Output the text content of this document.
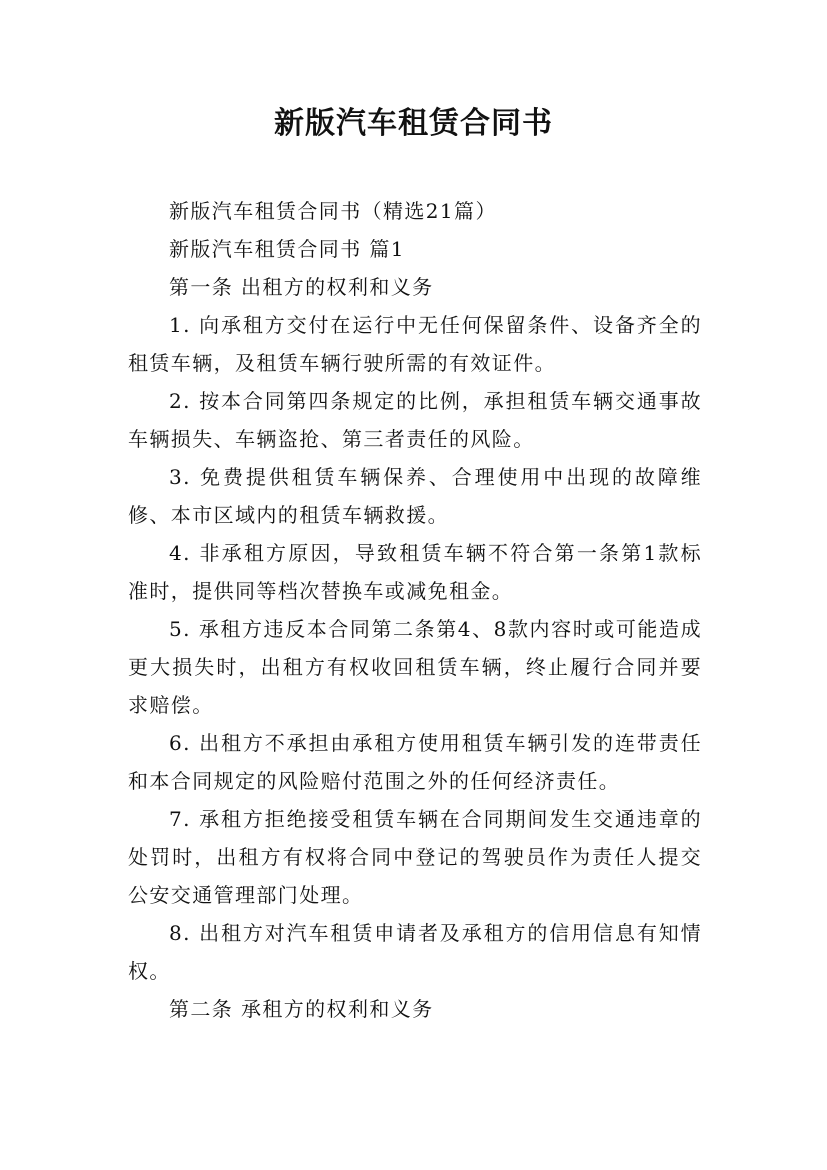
新版汽车租赁合同书

新版汽车租赁合同书（精选21篇）

新版汽车租赁合同书 篇1

第一条 出租方的权利和义务

1. 向承租方交付在运行中无任何保留条件、设备齐全的租赁车辆，及租赁车辆行驶所需的有效证件。

2. 按本合同第四条规定的比例，承担租赁车辆交通事故车辆损失、车辆盗抢、第三者责任的风险。

3. 免费提供租赁车辆保养、合理使用中出现的故障维修、本市区域内的租赁车辆救援。

4. 非承租方原因，导致租赁车辆不符合第一条第1款标准时，提供同等档次替换车或减免租金。

5. 承租方违反本合同第二条第4、8款内容时或可能造成更大损失时，出租方有权收回租赁车辆，终止履行合同并要求赔偿。

6. 出租方不承担由承租方使用租赁车辆引发的连带责任和本合同规定的风险赔付范围之外的任何经济责任。

7. 承租方拒绝接受租赁车辆在合同期间发生交通违章的处罚时，出租方有权将合同中登记的驾驶员作为责任人提交公安交通管理部门处理。

8. 出租方对汽车租赁申请者及承租方的信用信息有知情权。

第二条 承租方的权利和义务
